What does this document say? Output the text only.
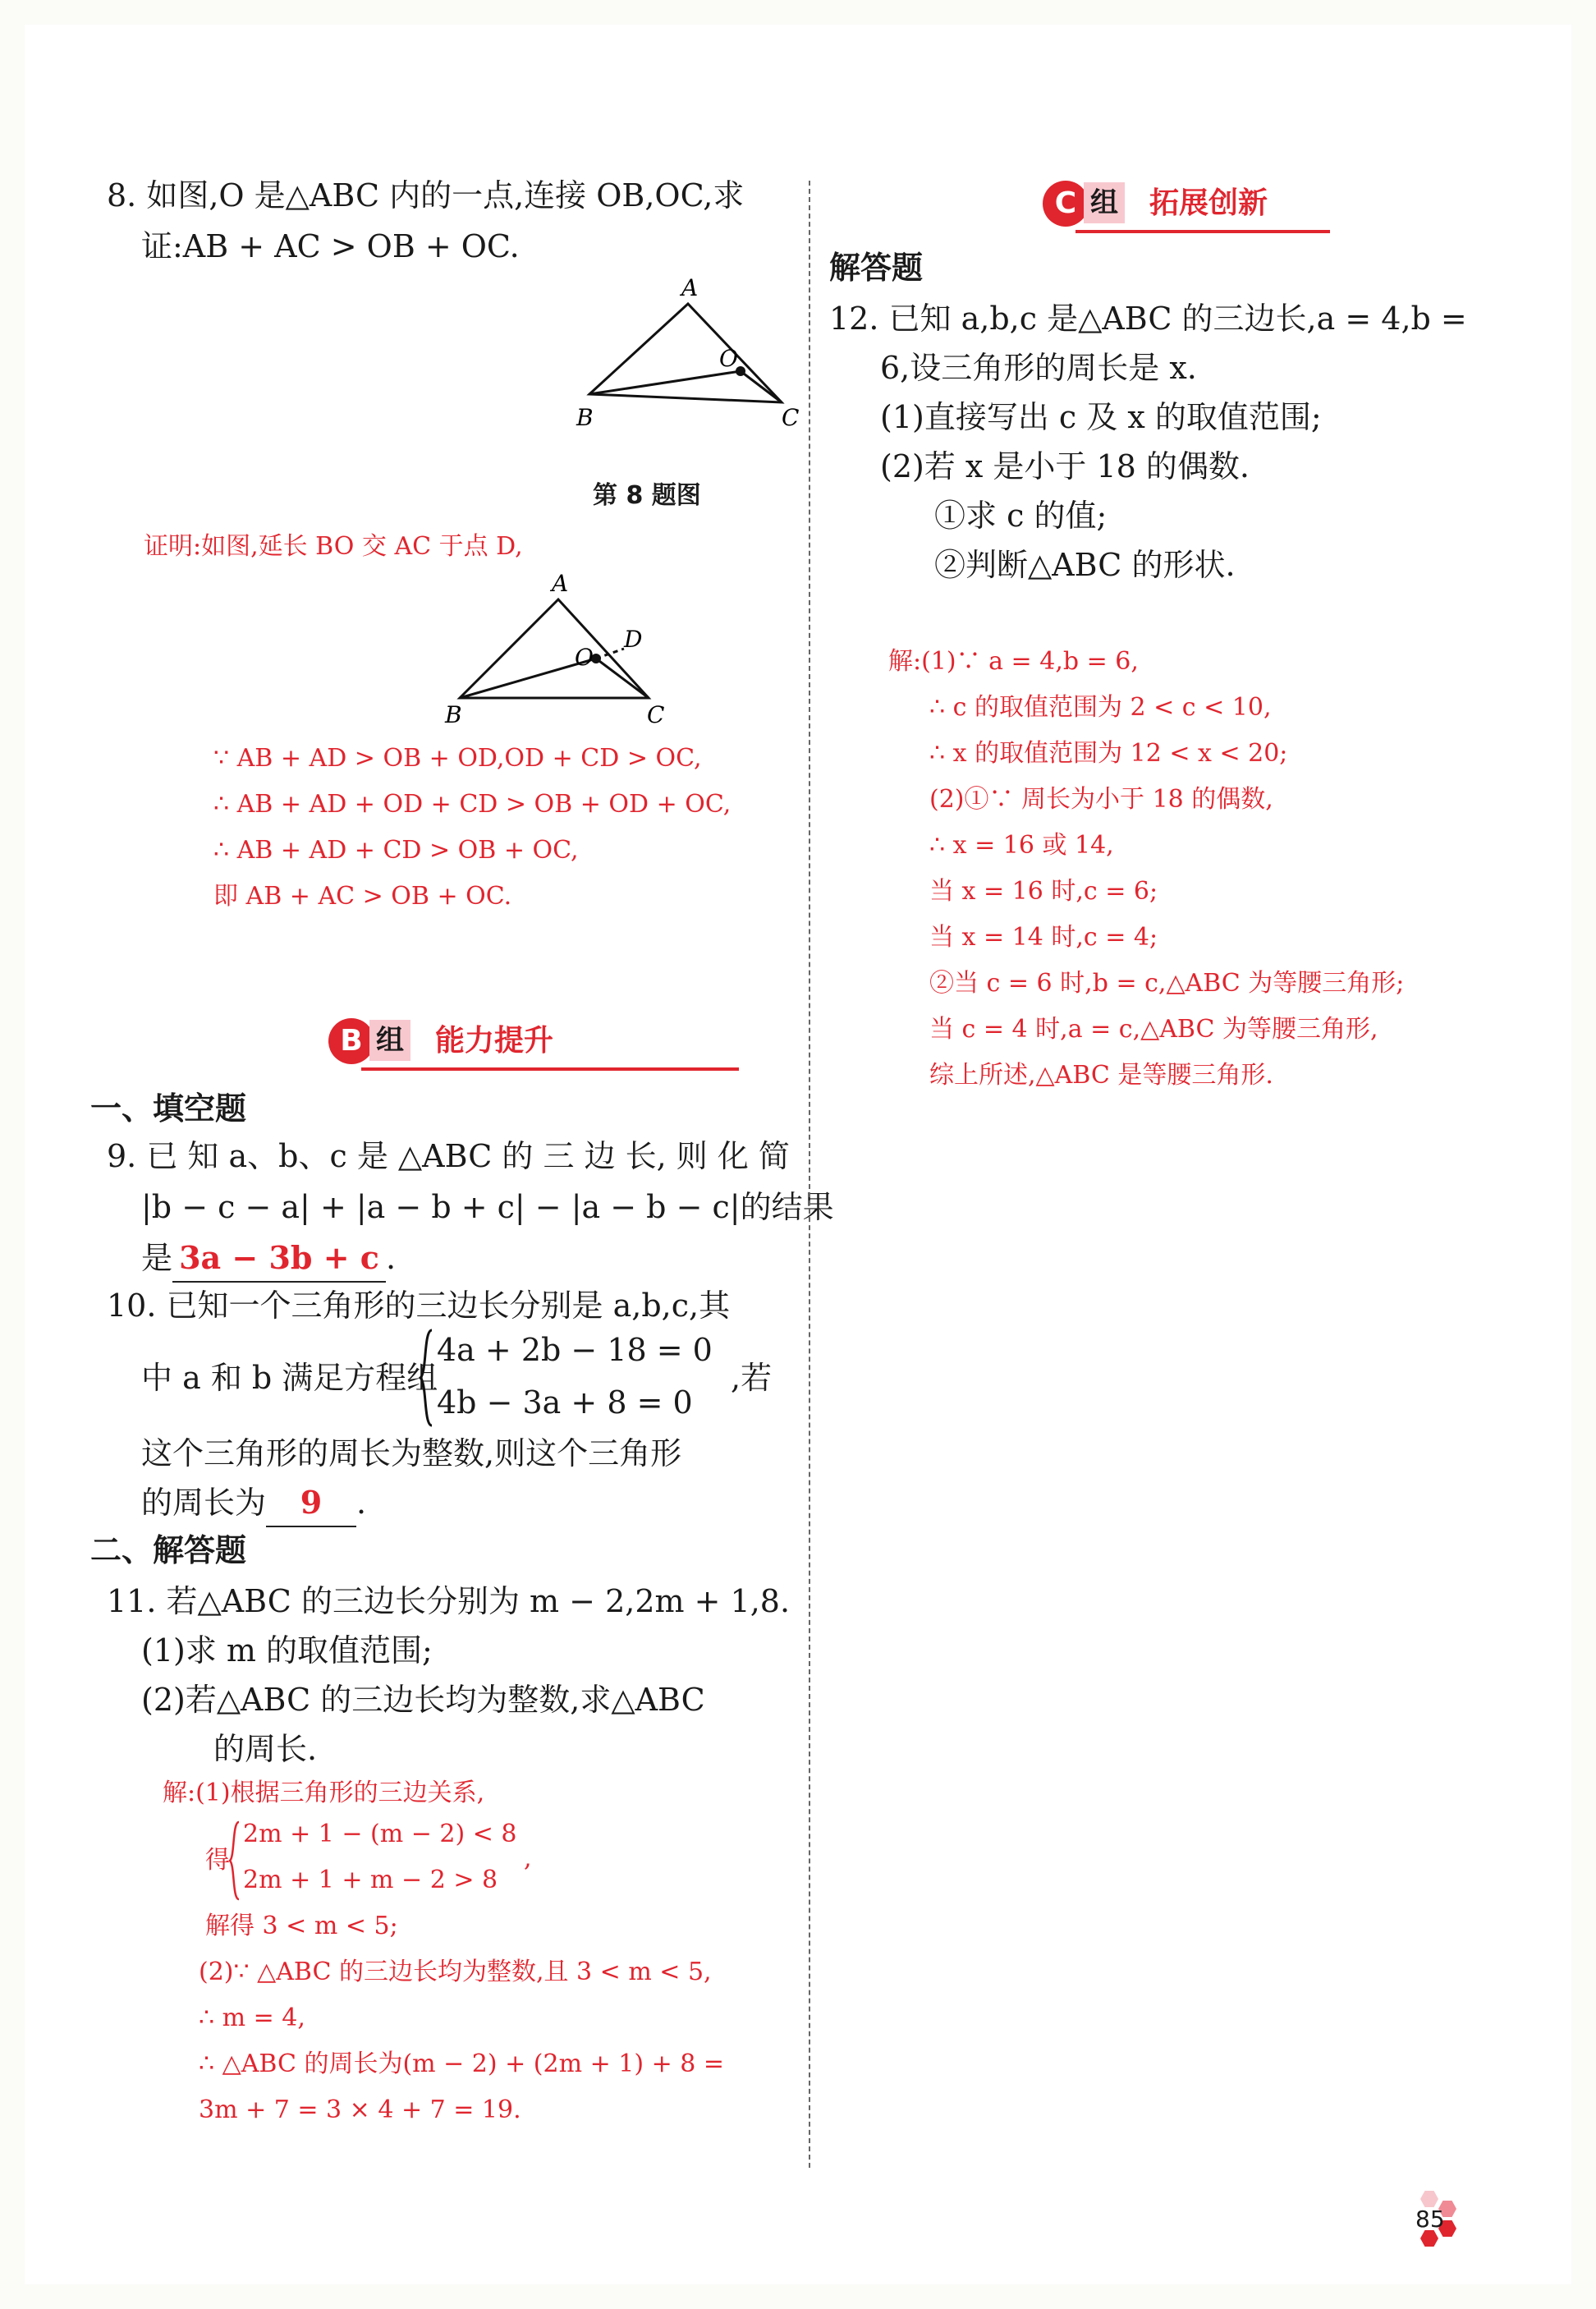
8. 如图,O 是△ABC 内的一点,连接 OB,OC,求
证:AB + AC > OB + OC.
A
O
B	C
第 8 题图
证明:如图,延长 BO 交 AC 于点 D,
A
O
D
B	C
∵ AB + AD > OB + OD,OD + CD > OC,
∴ AB + AD + OD + CD > OB + OD + OC,
∴ AB + AD + CD > OB + OC,
即 AB + AC > OB + OC.
B 组 能力提升
一、填空题
9. 已 知 a、b、c 是 △ABC 的 三 边 长, 则 化 简
|b − c − a| + |a − b + c| − |a − b − c|的结果
是 3a − 3b + c .
10. 已知一个三角形的三边长分别是 a,b,c,其
中 a 和 b 满足方程组
4a + 2b − 18 = 0
4b − 3a + 8 = 0
,若
这个三角形的周长为整数,则这个三角形
的周长为 9 .
二、解答题
11. 若△ABC 的三边长分别为 m − 2,2m + 1,8.
(1)求 m 的取值范围;
(2)若△ABC 的三边长均为整数,求△ABC
的周长.
解:(1)根据三角形的三边关系,
得
2m + 1 − (m − 2) < 8
2m + 1 + m − 2 > 8
,
解得 3 < m < 5;
(2)∵ △ABC 的三边长均为整数,且 3 < m < 5,
∴ m = 4,
∴ △ABC 的周长为(m − 2) + (2m + 1) + 8 =
3m + 7 = 3 × 4 + 7 = 19.
C 组 拓展创新
解答题
12. 已知 a,b,c 是△ABC 的三边长,a = 4,b =
6,设三角形的周长是 x.
(1)直接写出 c 及 x 的取值范围;
(2)若 x 是小于 18 的偶数.
①求 c 的值;
②判断△ABC 的形状.
解:(1)∵ a = 4,b = 6,
∴ c 的取值范围为 2 < c < 10,
∴ x 的取值范围为 12 < x < 20;
(2)①∵ 周长为小于 18 的偶数,
∴ x = 16 或 14,
当 x = 16 时,c = 6;
当 x = 14 时,c = 4;
②当 c = 6 时,b = c,△ABC 为等腰三角形;
当 c = 4 时,a = c,△ABC 为等腰三角形,
综上所述,△ABC 是等腰三角形.
85
